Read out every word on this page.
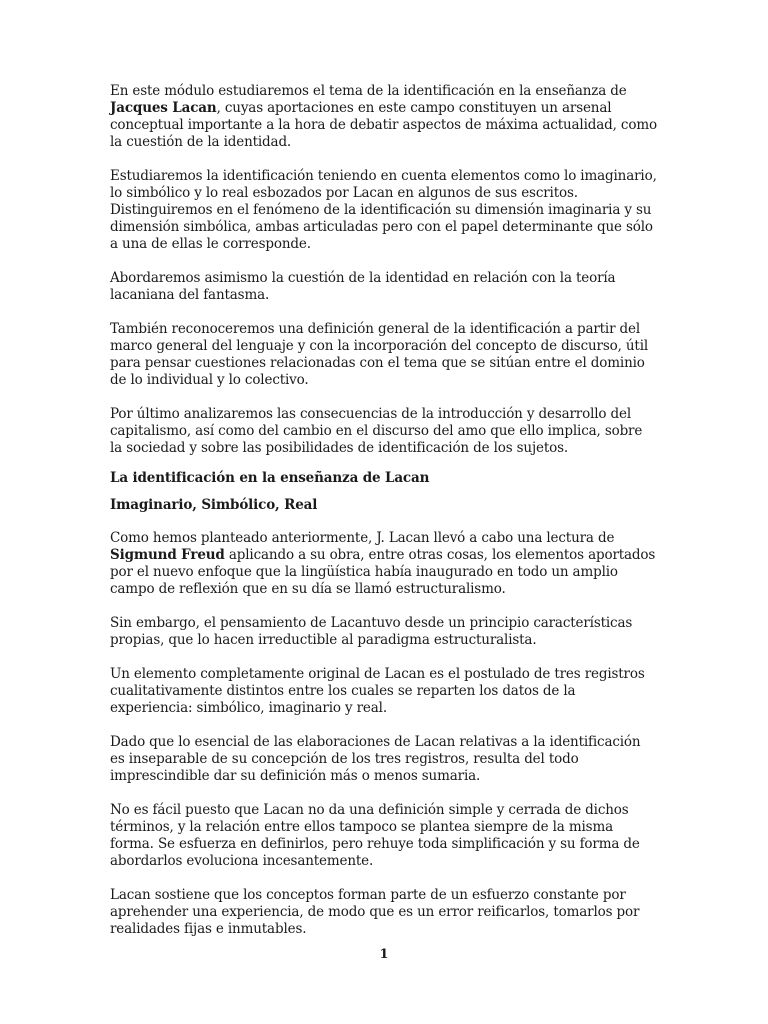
En este módulo estudiaremos el tema de la identificación en la enseñanza de Jacques Lacan, cuyas aportaciones en este campo constituyen un arsenal conceptual importante a la hora de debatir aspectos de máxima actualidad, como la cuestión de la identidad.

Estudiaremos la identificación teniendo en cuenta elementos como lo imaginario, lo simbólico y lo real esbozados por Lacan en algunos de sus escritos. Distinguiremos en el fenómeno de la identificación su dimensión imaginaria y su dimensión simbólica, ambas articuladas pero con el papel determinante que sólo a una de ellas le corresponde.

Abordaremos asimismo la cuestión de la identidad en relación con la teoría lacaniana del fantasma.

También reconoceremos una definición general de la identificación a partir del marco general del lenguaje y con la incorporación del concepto de discurso, útil para pensar cuestiones relacionadas con el tema que se sitúan entre el dominio de lo individual y lo colectivo.

Por último analizaremos las consecuencias de la introducción y desarrollo del capitalismo, así como del cambio en el discurso del amo que ello implica, sobre la sociedad y sobre las posibilidades de identificación de los sujetos.

La identificación en la enseñanza de Lacan

Imaginario, Simbólico, Real

Como hemos planteado anteriormente, J. Lacan llevó a cabo una lectura de Sigmund Freud aplicando a su obra, entre otras cosas, los elementos aportados por el nuevo enfoque que la lingüística había inaugurado en todo un amplio campo de reflexión que en su día se llamó estructuralismo.

Sin embargo, el pensamiento de Lacantuvo desde un principio características propias, que lo hacen irreductible al paradigma estructuralista.

Un elemento completamente original de Lacan es el postulado de tres registros cualitativamente distintos entre los cuales se reparten los datos de la experiencia: simbólico, imaginario y real.

Dado que lo esencial de las elaboraciones de Lacan relativas a la identificación es inseparable de su concepción de los tres registros, resulta del todo imprescindible dar su definición más o menos sumaria.

No es fácil puesto que Lacan no da una definición simple y cerrada de dichos términos, y la relación entre ellos tampoco se plantea siempre de la misma forma. Se esfuerza en definirlos, pero rehuye toda simplificación y su forma de abordarlos evoluciona incesantemente.

Lacan sostiene que los conceptos forman parte de un esfuerzo constante por aprehender una experiencia, de modo que es un error reificarlos, tomarlos por realidades fijas e inmutables.

1
